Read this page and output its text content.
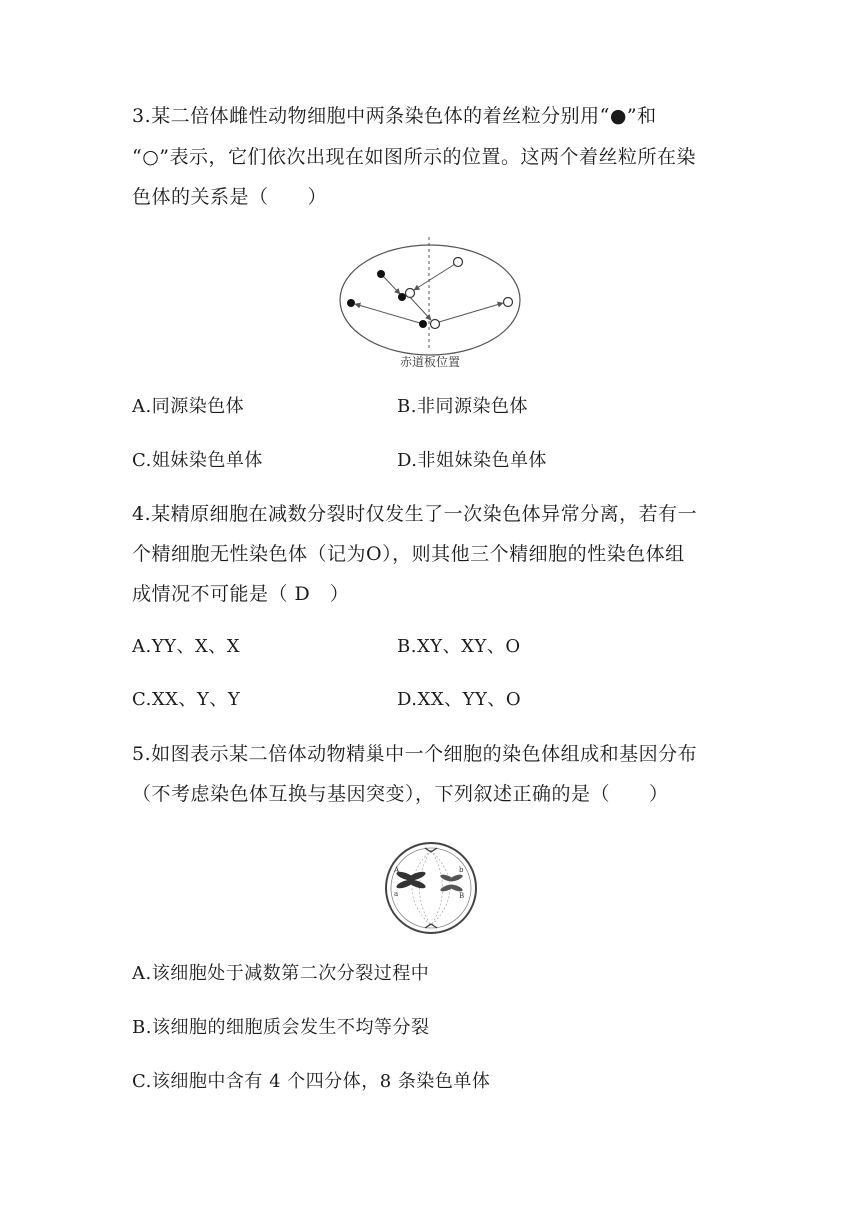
3.某二倍体雌性动物细胞中两条染色体的着丝粒分别用“●”和
“○”表示，它们依次出现在如图所示的位置。这两个着丝粒所在染
色体的关系是（　　）
赤道板位置
A.同源染色体	B.非同源染色体
C.姐妹染色单体	D.非姐妹染色单体
4.某精原细胞在减数分裂时仅发生了一次染色体异常分离，若有一
个精细胞无性染色体（记为O），则其他三个精细胞的性染色体组
成情况不可能是（ D　）
A.YY、X、X	B.XY、XY、O
C.XX、Y、Y	D.XX、YY、O
5.如图表示某二倍体动物精巢中一个细胞的染色体组成和基因分布
（不考虑染色体互换与基因突变），下列叙述正确的是（　　）
A
a
b
B
A.该细胞处于减数第二次分裂过程中
B.该细胞的细胞质会发生不均等分裂
C.该细胞中含有 4 个四分体，8 条染色单体
